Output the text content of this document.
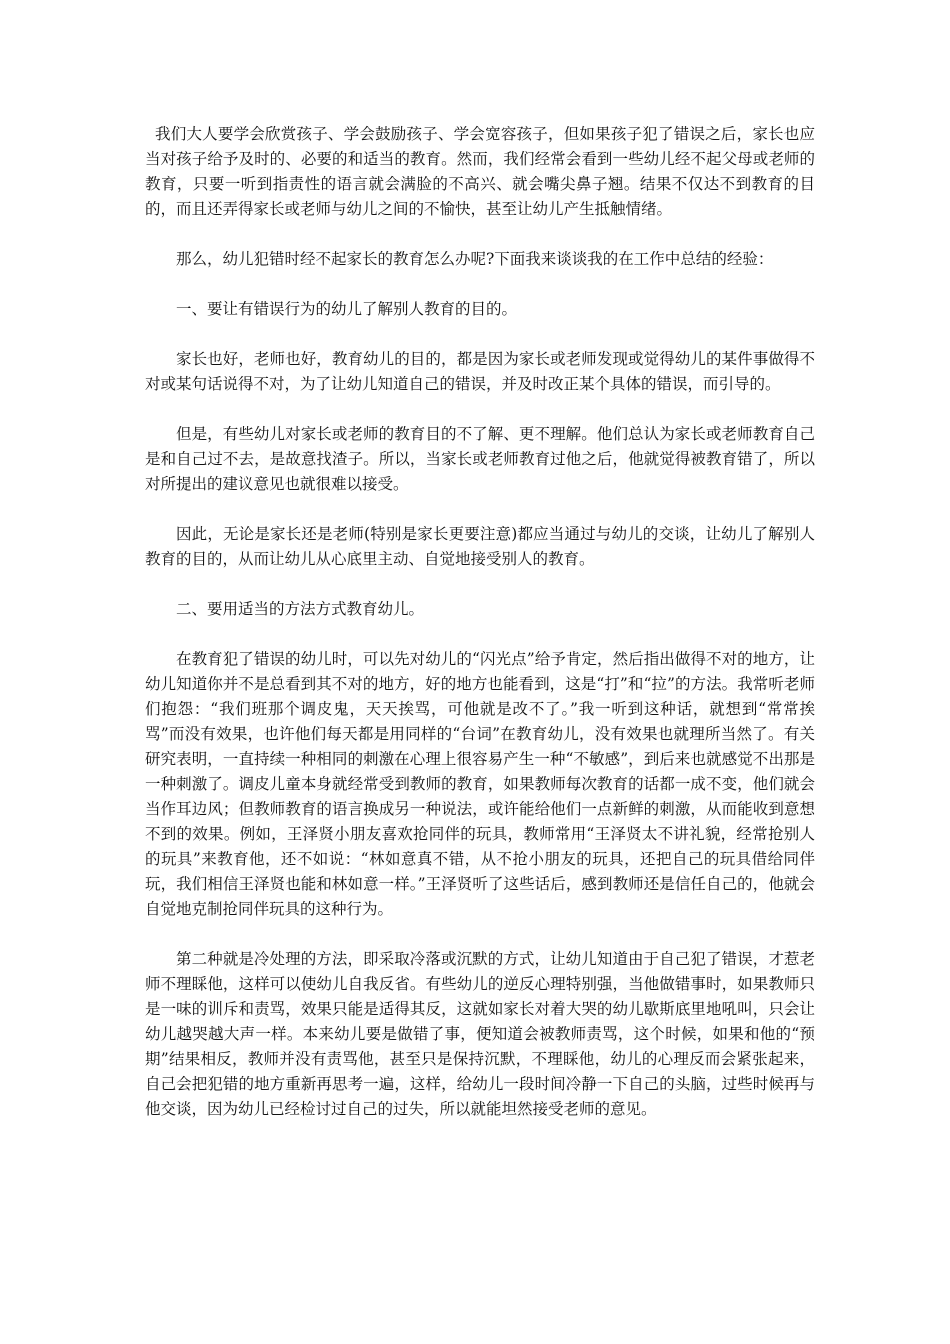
我们大人要学会欣赏孩子、学会鼓励孩子、学会宽容孩子，但如果孩子犯了错误之后，家长也应当对孩子给予及时的、必要的和适当的教育。然而，我们经常会看到一些幼儿经不起父母或老师的教育，只要一听到指责性的语言就会满脸的不高兴、就会嘴尖鼻子翘。结果不仅达不到教育的目的，而且还弄得家长或老师与幼儿之间的不愉快，甚至让幼儿产生抵触情绪。

那么，幼儿犯错时经不起家长的教育怎么办呢?下面我来谈谈我的在工作中总结的经验：

一、要让有错误行为的幼儿了解别人教育的目的。

家长也好，老师也好，教育幼儿的目的，都是因为家长或老师发现或觉得幼儿的某件事做得不对或某句话说得不对，为了让幼儿知道自己的错误，并及时改正某个具体的错误，而引导的。

但是，有些幼儿对家长或老师的教育目的不了解、更不理解。他们总认为家长或老师教育自己是和自己过不去，是故意找渣子。所以，当家长或老师教育过他之后，他就觉得被教育错了，所以对所提出的建议意见也就很难以接受。

因此，无论是家长还是老师(特别是家长更要注意)都应当通过与幼儿的交谈，让幼儿了解别人教育的目的，从而让幼儿从心底里主动、自觉地接受别人的教育。

二、要用适当的方法方式教育幼儿。

在教育犯了错误的幼儿时，可以先对幼儿的“闪光点”给予肯定，然后指出做得不对的地方，让幼儿知道你并不是总看到其不对的地方，好的地方也能看到，这是“打”和“拉”的方法。我常听老师们抱怨：“我们班那个调皮鬼，天天挨骂，可他就是改不了。”我一听到这种话，就想到“常常挨骂”而没有效果，也许他们每天都是用同样的“台词”在教育幼儿，没有效果也就理所当然了。有关研究表明，一直持续一种相同的刺激在心理上很容易产生一种“不敏感”，到后来也就感觉不出那是一种刺激了。调皮儿童本身就经常受到教师的教育，如果教师每次教育的话都一成不变，他们就会当作耳边风；但教师教育的语言换成另一种说法，或许能给他们一点新鲜的刺激，从而能收到意想不到的效果。例如，王泽贤小朋友喜欢抢同伴的玩具，教师常用“王泽贤太不讲礼貌，经常抢别人的玩具”来教育他，还不如说：“林如意真不错，从不抢小朋友的玩具，还把自己的玩具借给同伴玩，我们相信王泽贤也能和林如意一样。”王泽贤听了这些话后，感到教师还是信任自己的，他就会自觉地克制抢同伴玩具的这种行为。

第二种就是冷处理的方法，即采取冷落或沉默的方式，让幼儿知道由于自己犯了错误，才惹老师不理睬他，这样可以使幼儿自我反省。有些幼儿的逆反心理特别强，当他做错事时，如果教师只是一味的训斥和责骂，效果只能是适得其反，这就如家长对着大哭的幼儿歇斯底里地吼叫，只会让幼儿越哭越大声一样。本来幼儿要是做错了事，便知道会被教师责骂，这个时候，如果和他的“预期”结果相反，教师并没有责骂他，甚至只是保持沉默，不理睬他，幼儿的心理反而会紧张起来，自己会把犯错的地方重新再思考一遍，这样，给幼儿一段时间冷静一下自己的头脑，过些时候再与他交谈，因为幼儿已经检讨过自己的过失，所以就能坦然接受老师的意见。
